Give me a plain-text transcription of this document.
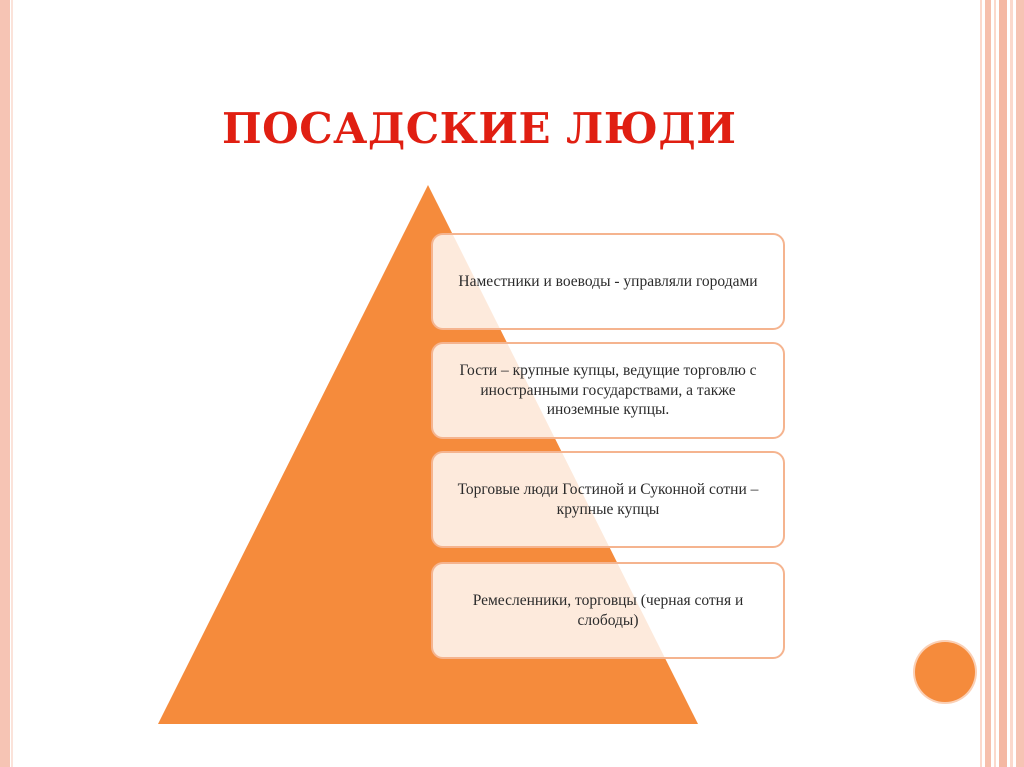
ПОСАДСКИЕ ЛЮДИ
Наместники и воеводы - управляли городами
Гости – крупные купцы, ведущие торговлю с иностранными государствами, а также иноземные купцы.
Торговые люди Гостиной и Суконной сотни – крупные купцы
Ремесленники, торговцы (черная сотня и слободы)
